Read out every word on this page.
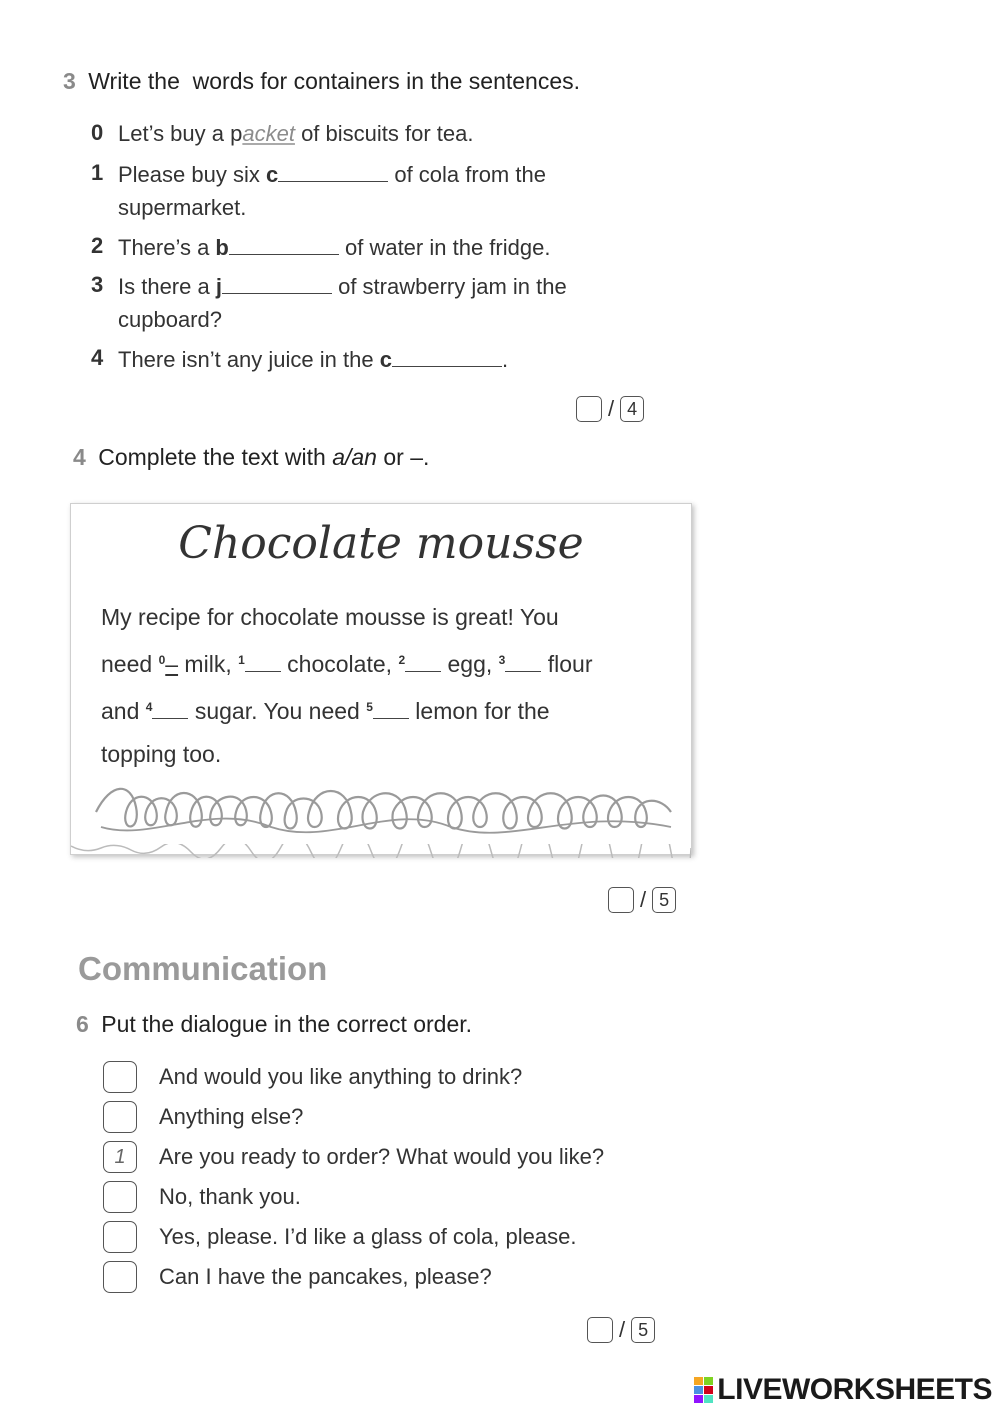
3 Write the  words for containers in the sentences.
0 Let’s buy a packet of biscuits for tea.
1 Please buy six c	of cola from the
supermarket.
2 There’s a b	of water in the fridge.
3 Is there a j	of strawberry jam in the
cupboard?
4 There isn’t any juice in the c	.
/ 4
4 Complete the text with a/an or –.
Chocolate mousse
My recipe for chocolate mousse is great! You
need $^0$– milk, $^1$ chocolate, $^2$ egg, $^3$ flour
and $^4$ sugar. You need $^5$ lemon for the
topping too.
/ 5
Communication
6 Put the dialogue in the correct order.
And would you like anything to drink?
Anything else?
1	Are you ready to order? What would you like?
No, thank you.
Yes, please. I’d like a glass of cola, please.
Can I have the pancakes, please?
/ 5
LIVEWORKSHEETS
